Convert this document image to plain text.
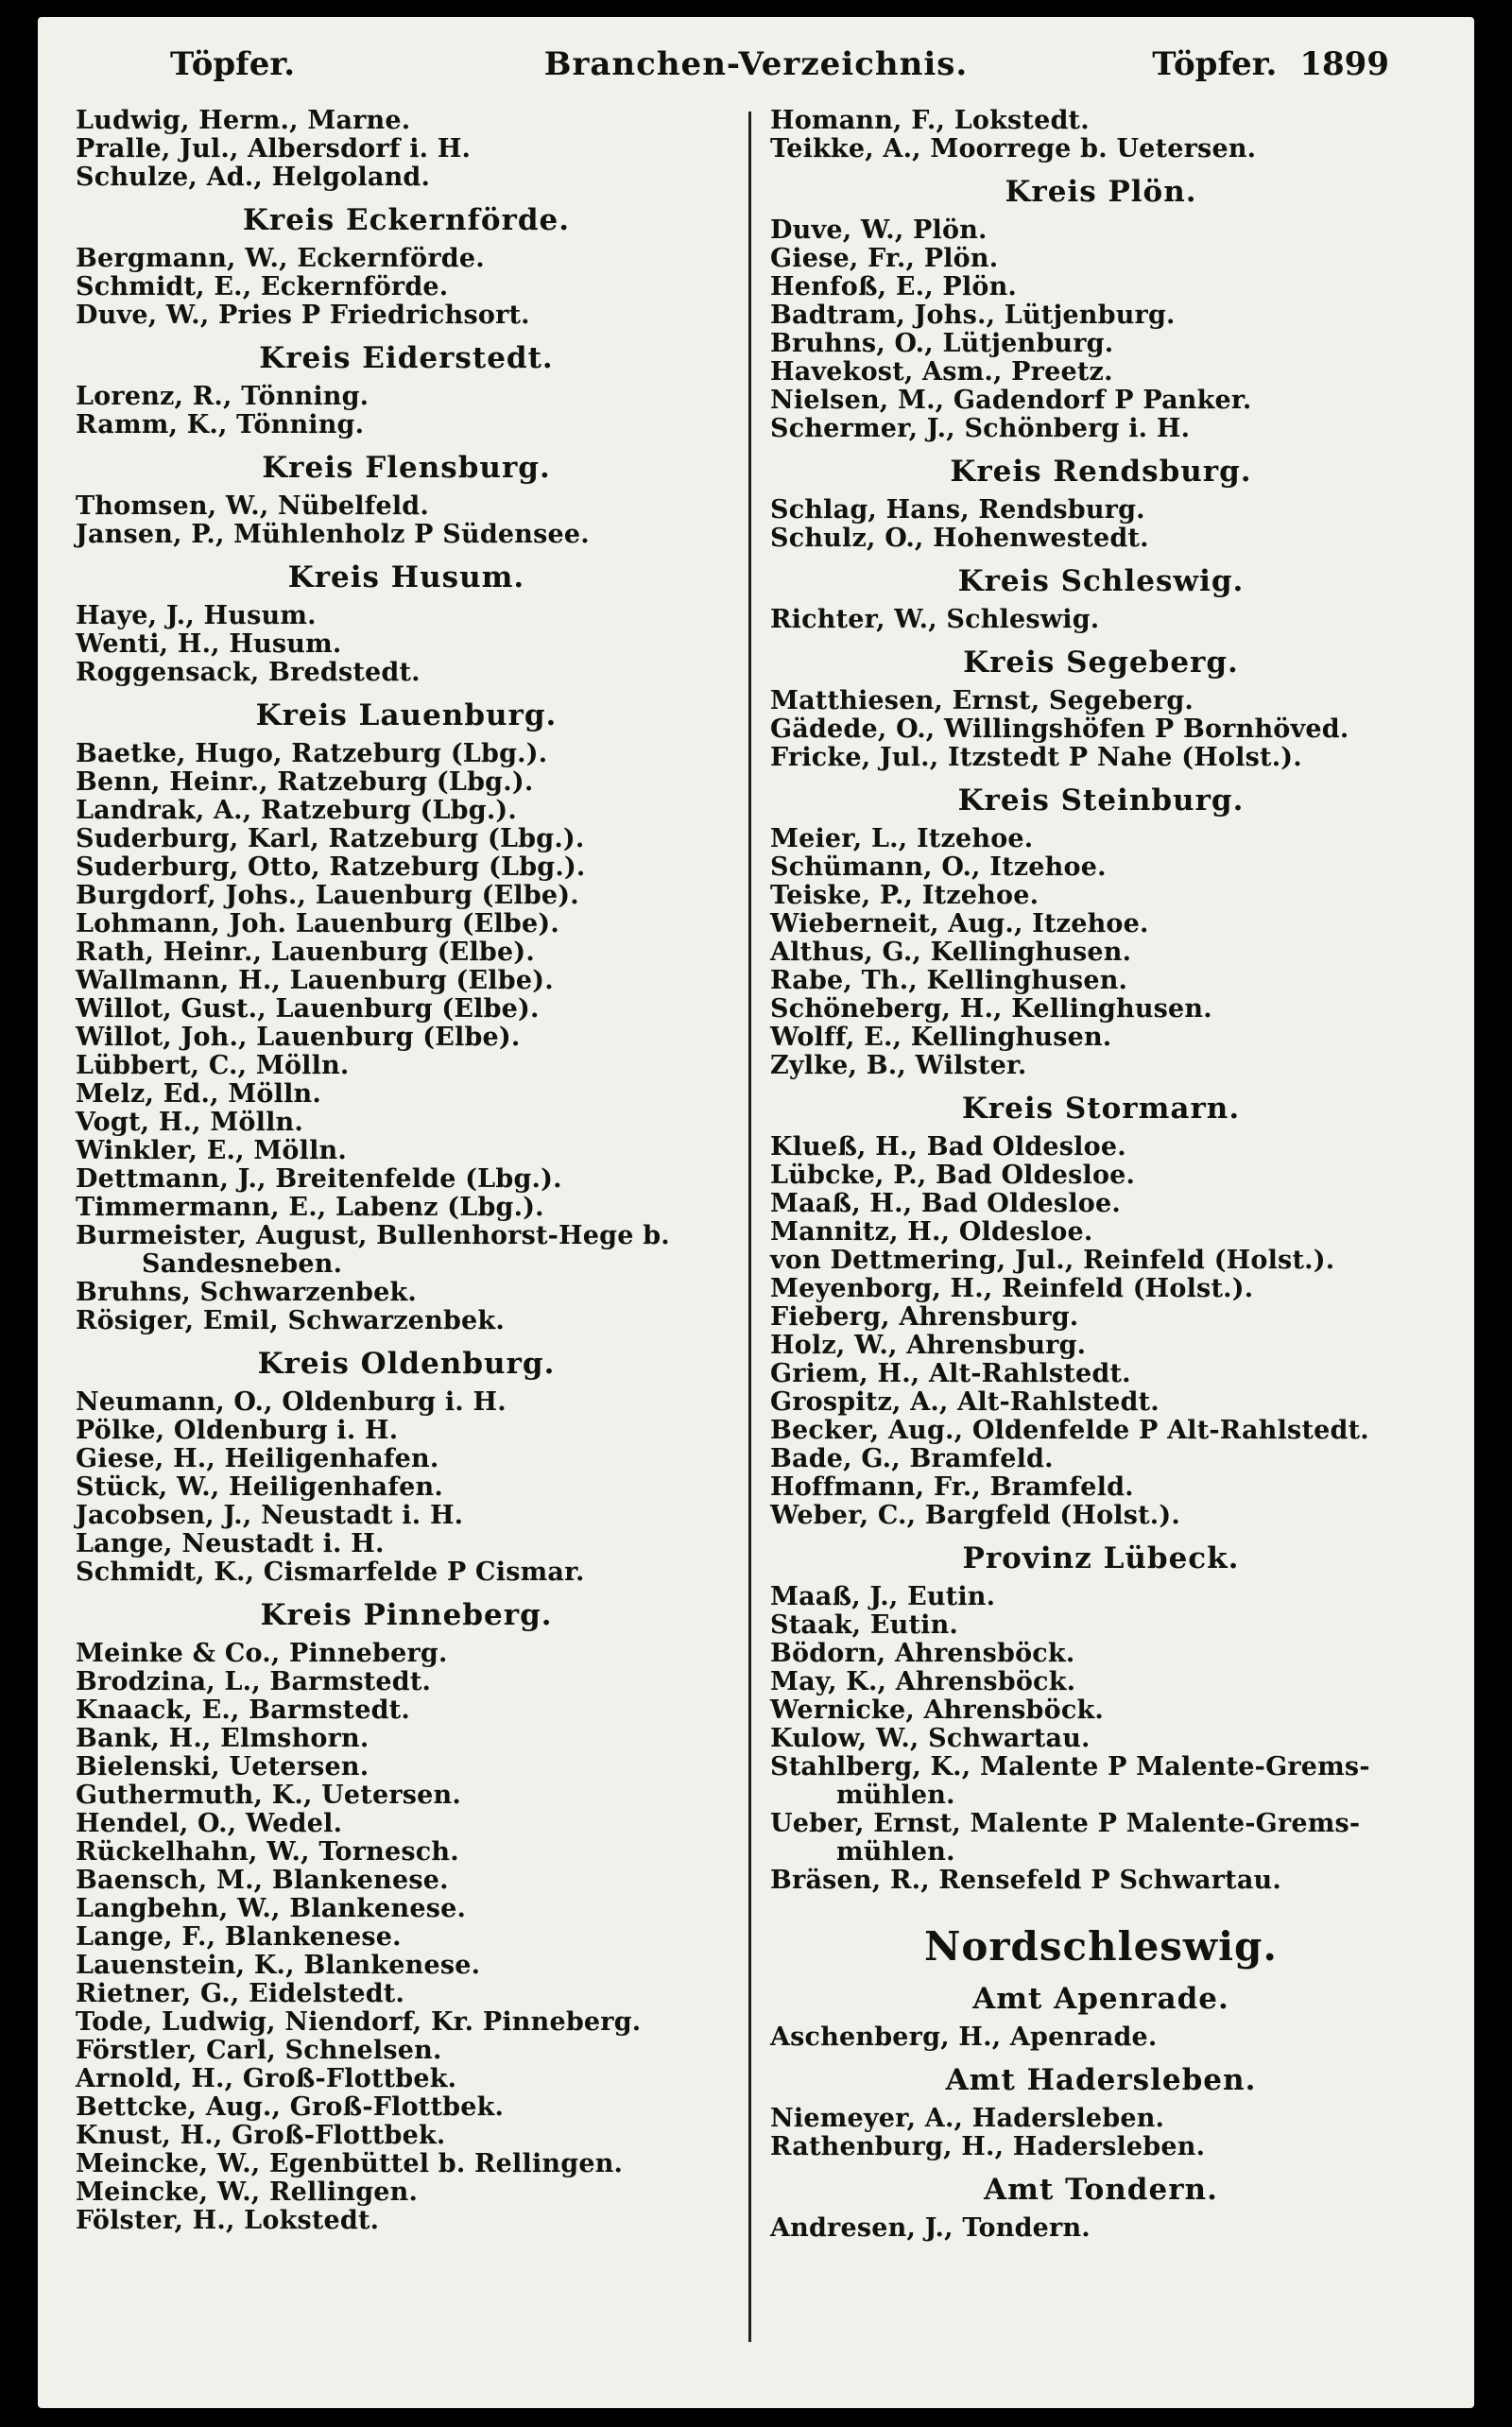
Töpfer.	Branchen-Verzeichnis.	Töpfer. 1899
Ludwig, Herm., Marne.
Pralle, Jul., Albersdorf i. H.
Schulze, Ad., Helgoland.
Kreis Eckernförde.
Bergmann, W., Eckernförde.
Schmidt, E., Eckernförde.
Duve, W., Pries P Friedrichsort.
Kreis Eiderstedt.
Lorenz, R., Tönning.
Ramm, K., Tönning.
Kreis Flensburg.
Thomsen, W., Nübelfeld.
Jansen, P., Mühlenholz P Südensee.
Kreis Husum.
Haye, J., Husum.
Wenti, H., Husum.
Roggensack, Bredstedt.
Kreis Lauenburg.
Baetke, Hugo, Ratzeburg (Lbg.).
Benn, Heinr., Ratzeburg (Lbg.).
Landrak, A., Ratzeburg (Lbg.).
Suderburg, Karl, Ratzeburg (Lbg.).
Suderburg, Otto, Ratzeburg (Lbg.).
Burgdorf, Johs., Lauenburg (Elbe).
Lohmann, Joh. Lauenburg (Elbe).
Rath, Heinr., Lauenburg (Elbe).
Wallmann, H., Lauenburg (Elbe).
Willot, Gust., Lauenburg (Elbe).
Willot, Joh., Lauenburg (Elbe).
Lübbert, C., Mölln.
Melz, Ed., Mölln.
Vogt, H., Mölln.
Winkler, E., Mölln.
Dettmann, J., Breitenfelde (Lbg.).
Timmermann, E., Labenz (Lbg.).
Burmeister, August, Bullenhorst-Hege b.
Sandesneben.
Bruhns, Schwarzenbek.
Rösiger, Emil, Schwarzenbek.
Kreis Oldenburg.
Neumann, O., Oldenburg i. H.
Pölke, Oldenburg i. H.
Giese, H., Heiligenhafen.
Stück, W., Heiligenhafen.
Jacobsen, J., Neustadt i. H.
Lange, Neustadt i. H.
Schmidt, K., Cismarfelde P Cismar.
Kreis Pinneberg.
Meinke & Co., Pinneberg.
Brodzina, L., Barmstedt.
Knaack, E., Barmstedt.
Bank, H., Elmshorn.
Bielenski, Uetersen.
Guthermuth, K., Uetersen.
Hendel, O., Wedel.
Rückelhahn, W., Tornesch.
Baensch, M., Blankenese.
Langbehn, W., Blankenese.
Lange, F., Blankenese.
Lauenstein, K., Blankenese.
Rietner, G., Eidelstedt.
Tode, Ludwig, Niendorf, Kr. Pinneberg.
Förstler, Carl, Schnelsen.
Arnold, H., Groß-Flottbek.
Bettcke, Aug., Groß-Flottbek.
Knust, H., Groß-Flottbek.
Meincke, W., Egenbüttel b. Rellingen.
Meincke, W., Rellingen.
Fölster, H., Lokstedt.
Homann, F., Lokstedt.
Teikke, A., Moorrege b. Uetersen.
Kreis Plön.
Duve, W., Plön.
Giese, Fr., Plön.
Henfoß, E., Plön.
Badtram, Johs., Lütjenburg.
Bruhns, O., Lütjenburg.
Havekost, Asm., Preetz.
Nielsen, M., Gadendorf P Panker.
Schermer, J., Schönberg i. H.
Kreis Rendsburg.
Schlag, Hans, Rendsburg.
Schulz, O., Hohenwestedt.
Kreis Schleswig.
Richter, W., Schleswig.
Kreis Segeberg.
Matthiesen, Ernst, Segeberg.
Gädede, O., Willingshöfen P Bornhöved.
Fricke, Jul., Itzstedt P Nahe (Holst.).
Kreis Steinburg.
Meier, L., Itzehoe.
Schümann, O., Itzehoe.
Teiske, P., Itzehoe.
Wieberneit, Aug., Itzehoe.
Althus, G., Kellinghusen.
Rabe, Th., Kellinghusen.
Schöneberg, H., Kellinghusen.
Wolff, E., Kellinghusen.
Zylke, B., Wilster.
Kreis Stormarn.
Klueß, H., Bad Oldesloe.
Lübcke, P., Bad Oldesloe.
Maaß, H., Bad Oldesloe.
Mannitz, H., Oldesloe.
von Dettmering, Jul., Reinfeld (Holst.).
Meyenborg, H., Reinfeld (Holst.).
Fieberg, Ahrensburg.
Holz, W., Ahrensburg.
Griem, H., Alt-Rahlstedt.
Grospitz, A., Alt-Rahlstedt.
Becker, Aug., Oldenfelde P Alt-Rahlstedt.
Bade, G., Bramfeld.
Hoffmann, Fr., Bramfeld.
Weber, C., Bargfeld (Holst.).
Provinz Lübeck.
Maaß, J., Eutin.
Staak, Eutin.
Bödorn, Ahrensböck.
May, K., Ahrensböck.
Wernicke, Ahrensböck.
Kulow, W., Schwartau.
Stahlberg, K., Malente P Malente-Grems-
mühlen.
Ueber, Ernst, Malente P Malente-Grems-
mühlen.
Bräsen, R., Rensefeld P Schwartau.
Nordschleswig.
Amt Apenrade.
Aschenberg, H., Apenrade.
Amt Hadersleben.
Niemeyer, A., Hadersleben.
Rathenburg, H., Hadersleben.
Amt Tondern.
Andresen, J., Tondern.
